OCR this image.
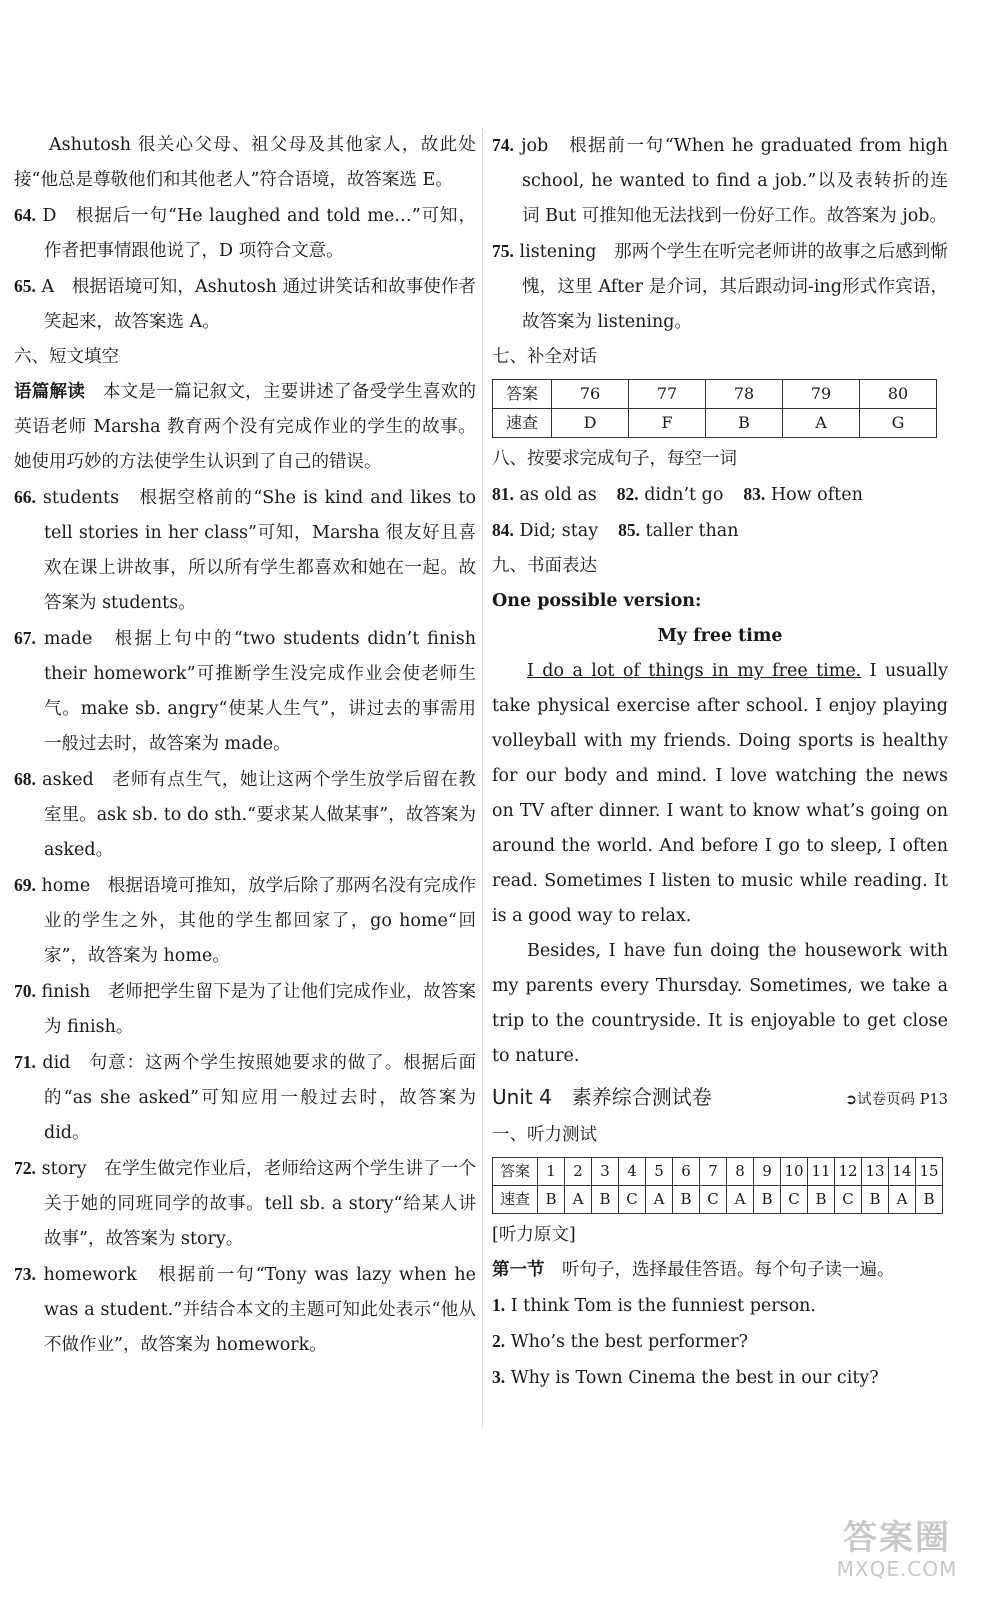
Ashutosh 很关心父母、祖父母及其他家人，故此处接“他总是尊敬他们和其他老人”符合语境，故答案选 E。

64. D　根据后一句“He laughed and told me…”可知，作者把事情跟他说了，D 项符合文意。

65. A　根据语境可知，Ashutosh 通过讲笑话和故事使作者笑起来，故答案选 A。

六、短文填空

语篇解读　本文是一篇记叙文，主要讲述了备受学生喜欢的英语老师 Marsha 教育两个没有完成作业的学生的故事。她使用巧妙的方法使学生认识到了自己的错误。

66. students　根据空格前的“She is kind and likes to tell stories in her class”可知，Marsha 很友好且喜欢在课上讲故事，所以所有学生都喜欢和她在一起。故答案为 students。

67. made　根据上句中的“two students didn’t finish their homework”可推断学生没完成作业会使老师生气。make sb. angry“使某人生气”，讲过去的事需用一般过去时，故答案为 made。

68. asked　老师有点生气，她让这两个学生放学后留在教室里。ask sb. to do sth.“要求某人做某事”，故答案为 asked。

69. home　根据语境可推知，放学后除了那两名没有完成作业的学生之外，其他的学生都回家了，go home“回家”，故答案为 home。

70. finish　老师把学生留下是为了让他们完成作业，故答案为 finish。

71. did　句意：这两个学生按照她要求的做了。根据后面的“as she asked”可知应用一般过去时，故答案为 did。

72. story　在学生做完作业后，老师给这两个学生讲了一个关于她的同班同学的故事。tell sb. a story“给某人讲故事”，故答案为 story。

73. homework　根据前一句“Tony was lazy when he was a student.”并结合本文的主题可知此处表示“他从不做作业”，故答案为 homework。

74. job　根据前一句“When he graduated from high school, he wanted to find a job.”以及表转折的连词 But 可推知他无法找到一份好工作。故答案为 job。

75. listening　那两个学生在听完老师讲的故事之后感到惭愧，这里 After 是介词，其后跟动词-ing形式作宾语，故答案为 listening。

七、补全对话

答案	76	77	78	79	80
速查	D	F	B	A	G

八、按要求完成句子，每空一词

81. as old as 82. didn’t go 83. How often

84. Did; stay 85. taller than

九、书面表达

One possible version:

My free time

I do a lot of things in my free time. I usually take physical exercise after school. I enjoy playing volleyball with my friends. Doing sports is healthy for our body and mind. I love watching the news on TV after dinner. I want to know what’s going on around the world. And before I go to sleep, I often read. Sometimes I listen to music while reading. It is a good way to relax.

Besides, I have fun doing the housework with my parents every Thursday. Sometimes, we take a trip to the countryside. It is enjoyable to get close to nature.

Unit 4　素养综合测试卷	➲试卷页码 P13

一、听力测试

答案	1	2	3	4	5	6	7	8	9	10	11	12	13	14	15
速查	B	A	B	C	A	B	C	A	B	C	B	C	B	A	B

[听力原文]

第一节　听句子，选择最佳答语。每个句子读一遍。

1. I think Tom is the funniest person.

2. Who’s the best performer?

3. Why is Town Cinema the best in our city?

答案圈
MXQE.COM
